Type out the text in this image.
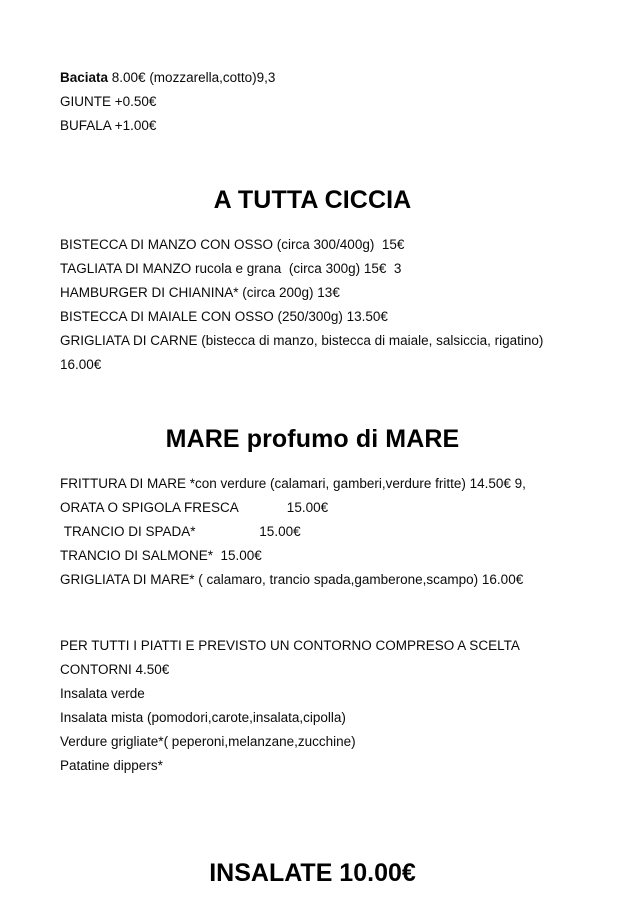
Baciata 8.00€ (mozzarella,cotto)9,3
GIUNTE +0.50€
BUFALA +1.00€
A TUTTA CICCIA
BISTECCA DI MANZO CON OSSO (circa 300/400g)  15€
TAGLIATA DI MANZO rucola e grana  (circa 300g) 15€  3
HAMBURGER DI CHIANINA* (circa 200g) 13€
BISTECCA DI MAIALE CON OSSO (250/300g) 13.50€
GRIGLIATA DI CARNE (bistecca di manzo, bistecca di maiale, salsiccia, rigatino) 16.00€
MARE profumo di MARE
FRITTURA DI MARE *con verdure (calamari, gamberi,verdure fritte) 14.50€ 9,
ORATA O SPIGOLA FRESCA             15.00€
TRANCIO DI SPADA*                 15.00€
TRANCIO DI SALMONE*  15.00€
GRIGLIATA DI MARE* ( calamaro, trancio spada,gamberone,scampo) 16.00€
PER TUTTI I PIATTI E PREVISTO UN CONTORNO COMPRESO A SCELTA
CONTORNI 4.50€
Insalata verde
Insalata mista (pomodori,carote,insalata,cipolla)
Verdure grigliate*( peperoni,melanzane,zucchine)
Patatine dippers*
INSALATE 10.00€
